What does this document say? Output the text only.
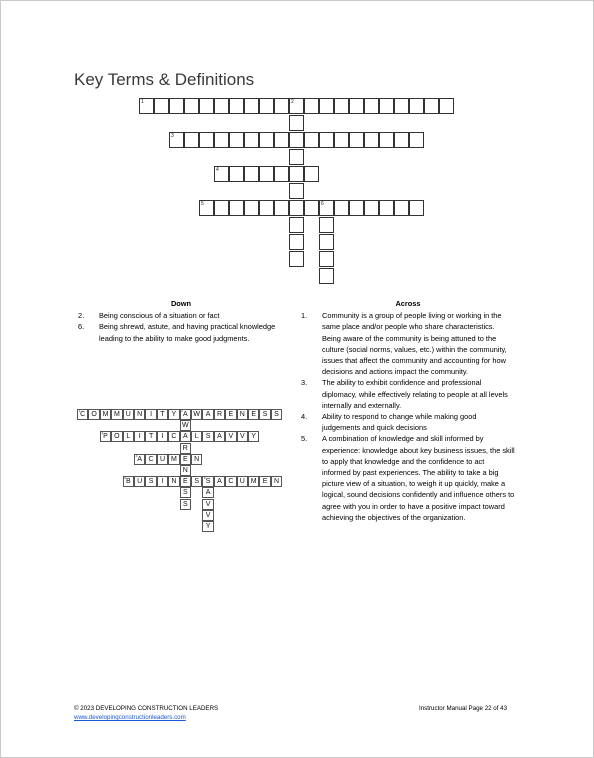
Key Terms & Definitions
1	2
3
4
5	6
Down
2. Being conscious of a situation or fact
6. Being shrewd, astute, and having practical knowledge leading to the ability to make good judgments.
Across
1. Community is a group of people living or working in the same place and/or people who share characteristics. Being aware of the community is being attuned to the culture (social norms, values, etc.) within the community, issues that affect the community and accounting for how decisions and actions impact the community.
3. The ability to exhibit confidence and professional diplomacy, while effectively relating to people at all levels internally and externally.
4. Ability to respond to change while making good judgements and quick decisions
5. A combination of knowledge and skill informed by experience: knowledge about key business issues, the skill to apply that knowledge and the confidence to act informed by past experiences. The ability to take a big picture view of a situation, to weigh it up quickly, make a logical, sound decisions confidently and influence others to agree with you in order to have a positive impact toward achieving the objectives of the organization.
1 C O M M U N	I	T Y	2 A W A R E N E S S
3 P O L	I	T	I	C A	L	S A V V Y
4 A C U M E N
5 B U S	I	N E S	6 S A C U M E N
W
R
N
S
S
A
V
V
Y
© 2023 DEVELOPING CONSTRUCTION LEADERS
www.developingconstructionleaders.com
Instructor Manual Page 22 of 43
